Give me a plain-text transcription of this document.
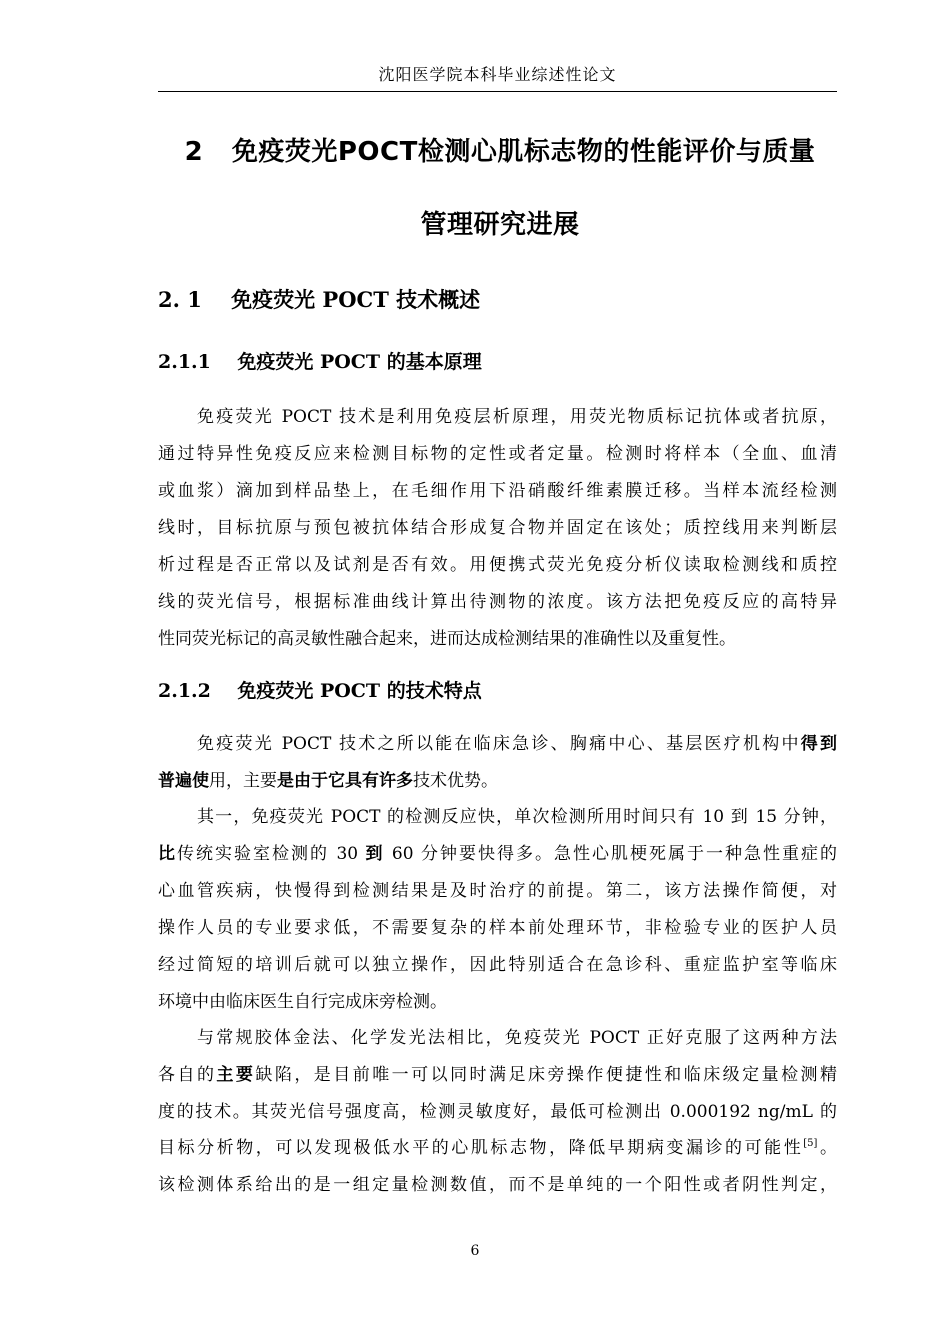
沈阳医学院本科毕业综述性论文
2 免疫荧光POCT检测心肌标志物的性能评价与质量
管理研究进展
2. 1 免疫荧光 POCT 技术概述
2.1.1 免疫荧光 POCT 的基本原理
免疫荧光 POCT 技术是利用免疫层析原理，用荧光物质标记抗体或者抗原，
通过特异性免疫反应来检测目标物的定性或者定量。检测时将样本（全血、血清
或血浆）滴加到样品垫上，在毛细作用下沿硝酸纤维素膜迁移。当样本流经检测
线时，目标抗原与预包被抗体结合形成复合物并固定在该处；质控线用来判断层
析过程是否正常以及试剂是否有效。用便携式荧光免疫分析仪读取检测线和质控
线的荧光信号，根据标准曲线计算出待测物的浓度。该方法把免疫反应的高特异
性同荧光标记的高灵敏性融合起来，进而达成检测结果的准确性以及重复性。
2.1.2 免疫荧光 POCT 的技术特点
免疫荧光 POCT 技术之所以能在临床急诊、胸痛中心、基层医疗机构中得到
普遍使用，主要是由于它具有许多技术优势。
其一，免疫荧光 POCT 的检测反应快，单次检测所用时间只有 10 到 15 分钟，
比传统实验室检测的 30 到 60 分钟要快得多。急性心肌梗死属于一种急性重症的
心血管疾病，快慢得到检测结果是及时治疗的前提。第二，该方法操作简便，对
操作人员的专业要求低，不需要复杂的样本前处理环节，非检验专业的医护人员
经过简短的培训后就可以独立操作，因此特别适合在急诊科、重症监护室等临床
环境中由临床医生自行完成床旁检测。
与常规胶体金法、化学发光法相比，免疫荧光 POCT 正好克服了这两种方法
各自的主要缺陷，是目前唯一可以同时满足床旁操作便捷性和临床级定量检测精
度的技术。其荧光信号强度高，检测灵敏度好，最低可检测出 0.000192 ng/mL 的
目标分析物，可以发现极低水平的心肌标志物，降低早期病变漏诊的可能性[5]。
该检测体系给出的是一组定量检测数值，而不是单纯的一个阳性或者阴性判定，
6
